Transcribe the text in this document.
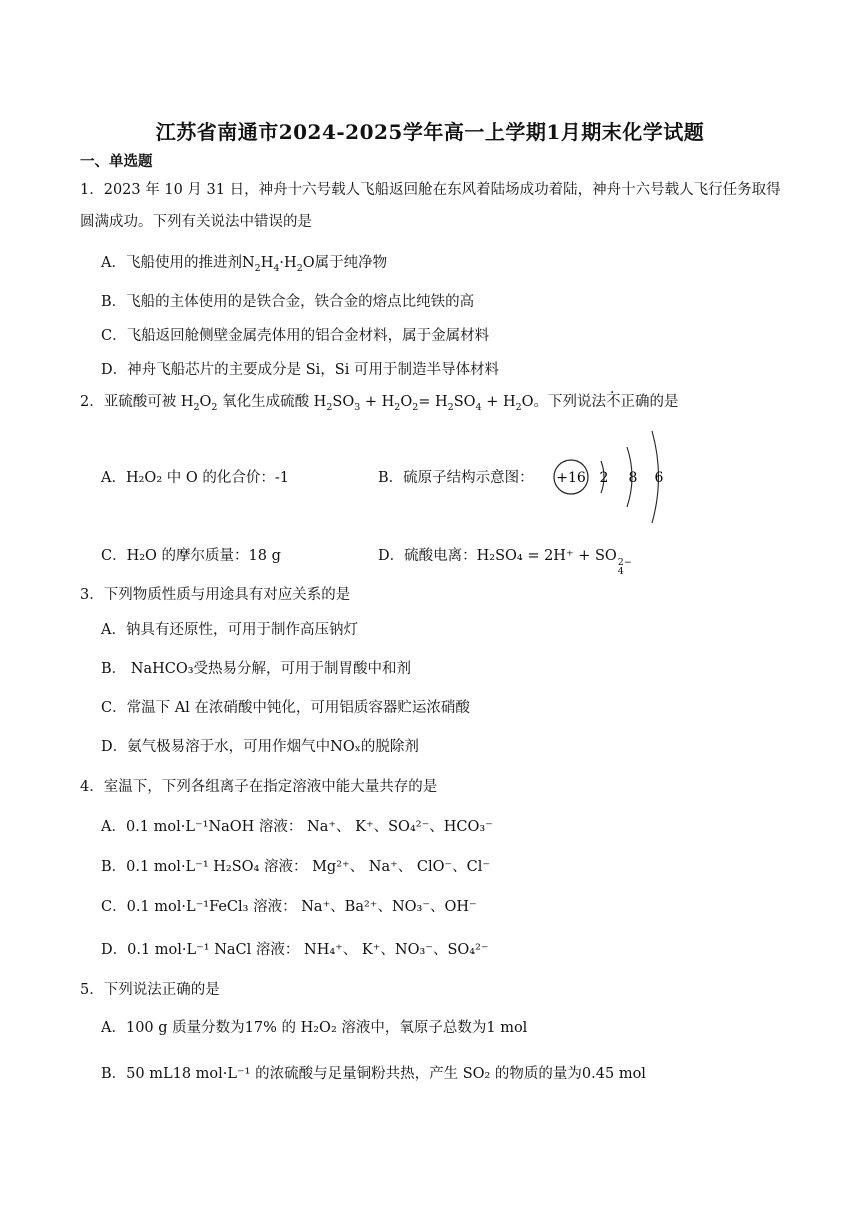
江苏省南通市2024-2025学年高一上学期1月期末化学试题
一、单选题
1．2023 年 10 月 31 日，神舟十六号载人飞船返回舱在东风着陆场成功着陆，神舟十六号载人飞行任务取得
圆满成功。下列有关说法中错误的是
A．飞船使用的推进剂$N_2H_4\cdot H_2O$属于纯净物
B．飞船的主体使用的是铁合金，铁合金的熔点比纯铁的高
C．飞船返回舱侧壁金属壳体用的铝合金材料，属于金属材料
D．神舟飞船芯片的主要成分是 Si，Si 可用于制造半导体材料
2．亚硫酸可被 $H_2O_2$ 氧化生成硫酸 $H_2SO_3 + H_2O_2= H_2SO_4 + H_2O$。下列说法不正确的是
A．H₂O₂ 中 O 的化合价：-1	B．硫原子结构示意图： +16 2 8 6
C．H₂O 的摩尔质量：18 g	D．硫酸电离：H₂SO₄ = 2H⁺ + SO 2−
4
3．下列物质性质与用途具有对应关系的是
A．钠具有还原性，可用于制作高压钠灯
B． NaHCO₃受热易分解，可用于制胃酸中和剂
C．常温下 Al 在浓硝酸中钝化，可用铝质容器贮运浓硝酸
D．氨气极易溶于水，可用作烟气中NOₓ的脱除剂
4．室温下，下列各组离子在指定溶液中能大量共存的是
A．0.1 mol·L⁻¹NaOH 溶液： Na⁺、 K⁺、SO₄²⁻、HCO₃⁻
B．0.1 mol·L⁻¹ H₂SO₄ 溶液： Mg²⁺、 Na⁺、 ClO⁻、Cl⁻
C．0.1 mol·L⁻¹FeCl₃ 溶液： Na⁺、Ba²⁺、NO₃⁻、OH⁻
D．0.1 mol·L⁻¹ NaCl 溶液： NH₄⁺、 K⁺、NO₃⁻、SO₄²⁻
5．下列说法正确的是
A．100 g 质量分数为17% 的 H₂O₂ 溶液中，氧原子总数为1 mol
B．50 mL18 mol·L⁻¹ 的浓硫酸与足量铜粉共热，产生 SO₂ 的物质的量为0.45 mol
